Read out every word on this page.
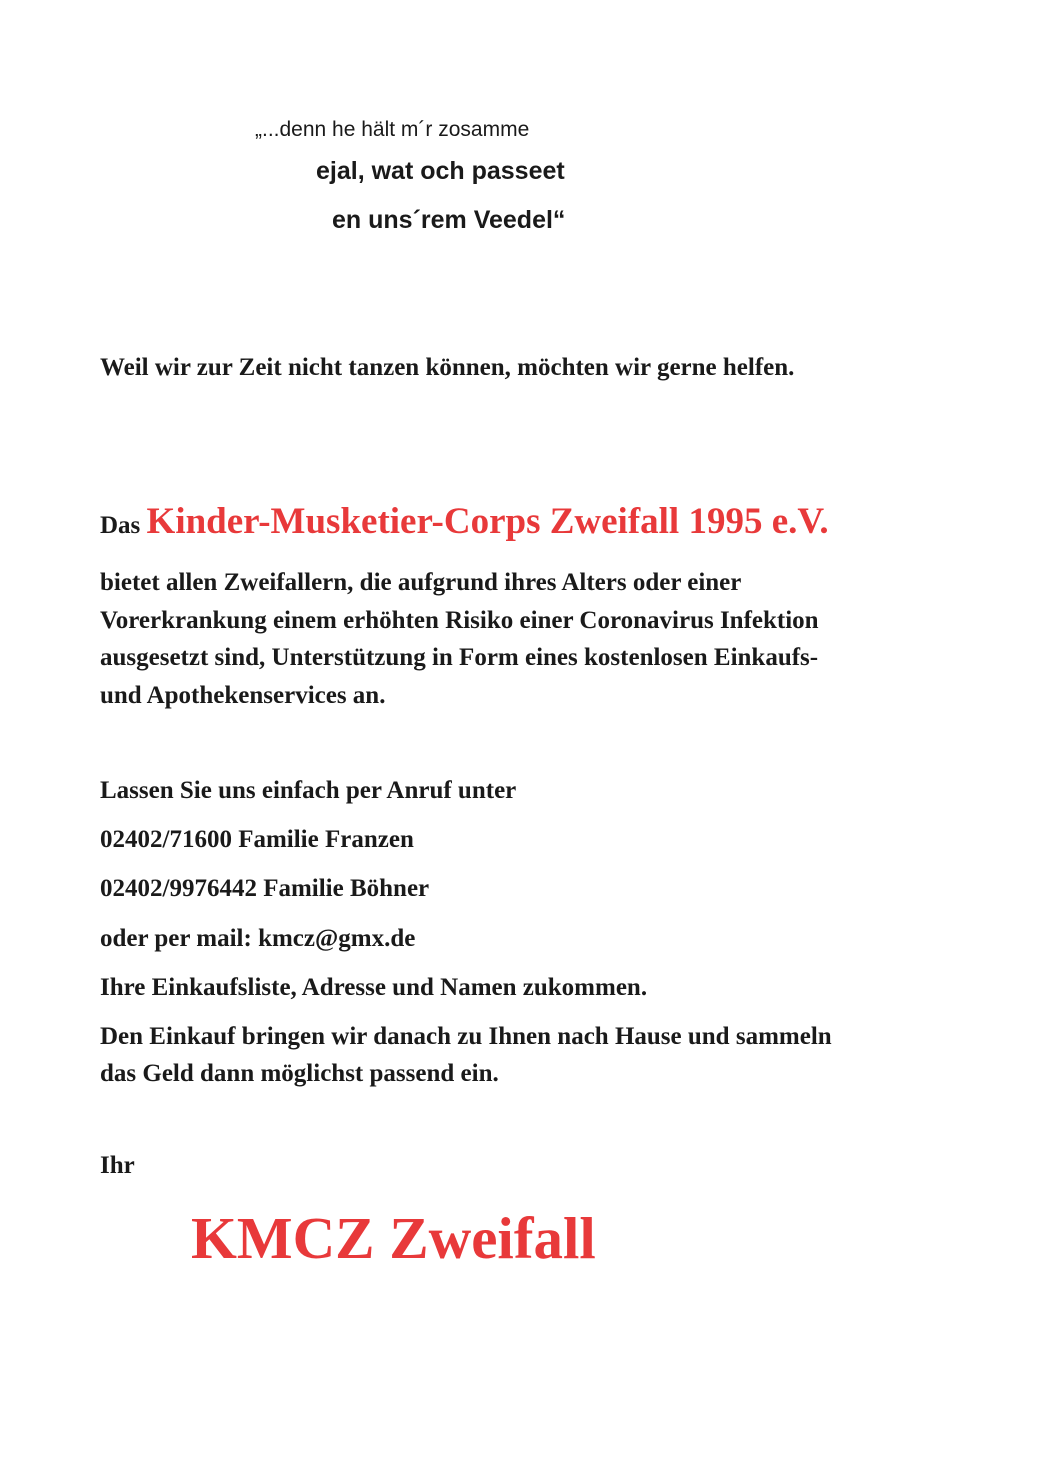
„...denn he hält m´r zosamme
ejal, wat och passeet
en uns´rem Veedel“
Weil wir zur Zeit nicht tanzen können, möchten wir gerne helfen.
Das Kinder-Musketier-Corps Zweifall 1995 e.V.
bietet allen Zweifallern, die aufgrund ihres Alters oder einer
Vorerkrankung einem erhöhten Risiko einer Coronavirus Infektion
ausgesetzt sind, Unterstützung in Form eines kostenlosen Einkaufs-
und Apothekenservices an.
Lassen Sie uns einfach per Anruf unter
02402/71600 Familie Franzen
02402/9976442 Familie Böhner
oder per mail: kmcz@gmx.de
Ihre Einkaufsliste, Adresse und Namen zukommen.
Den Einkauf bringen wir danach zu Ihnen nach Hause und sammeln
das Geld dann möglichst passend ein.
Ihr
KMCZ Zweifall
